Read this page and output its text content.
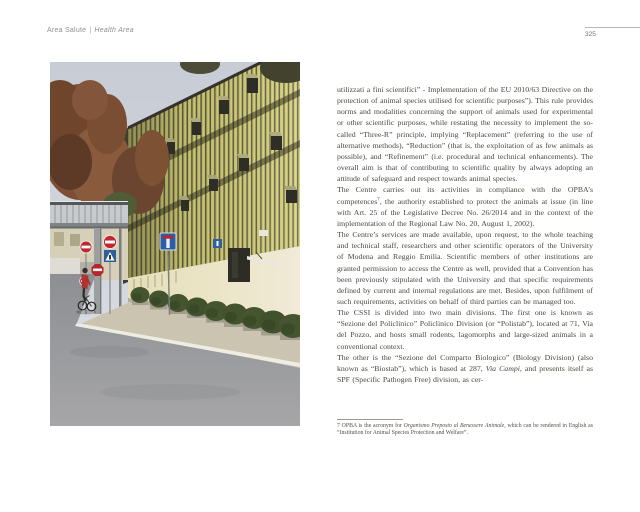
Area Salute | Health Area
325

utilizzati a fini scientifici” - Implementation of the EU 2010/63 Directive on the protection of animal species utilised for scientific purposes”). This rule provides norms and modalities concerning the support of animals used for experimental or other scientific purposes, while restating the necessity to implement the so-called “Three-R” principle, implying “Replacement” (referring to the use of alternative methods), “Reduction” (that is, the exploitation of as few animals as possible), and “Refinement” (i.e. procedural and technical enhancements). The overall aim is that of contributing to scientific quality by always adopting an attitude of safeguard and respect towards animal species.

The Centre carries out its activities in compliance with the OPBA’s competences$^7$, the authority established to protect the animals at issue (in line with Art. 25 of the Legislative Decree No. 26/2014 and in the context of the implementation of the Regional Law No. 20, August 1, 2002).

The Centre’s services are made available, upon request, to the whole teaching and technical staff, researchers and other scientific operators of the University of Modena and Reggio Emilia. Scientific members of other institutions are granted permission to access the Centre as well, provided that a Convention has been previously stipulated with the University and that specific requirements defined by current and internal regulations are met. Besides, upon fulfilment of such requirements, activities on behalf of third parties can be managed too.

The CSSI is divided into two main divisions. The first one is known as “Sezione del Policlinico” Policlinico Division (or “Polistab”), located at 71, Via del Pozzo, and hosts small rodents, lagomorphs and large-sized animals in a conventional context.

The other is the “Sezione del Comparto Biologico” (Biology Division) (also known as “Biostab”), which is based at 287, Via Campi, and presents itself as SPF (Specific Pathogen Free) division, as cer-

7 OPBA is the acronym for Organismo Preposto al Benessere Animale, which can be rendered in English as “Institution for Animal Species Protection and Welfare”.
